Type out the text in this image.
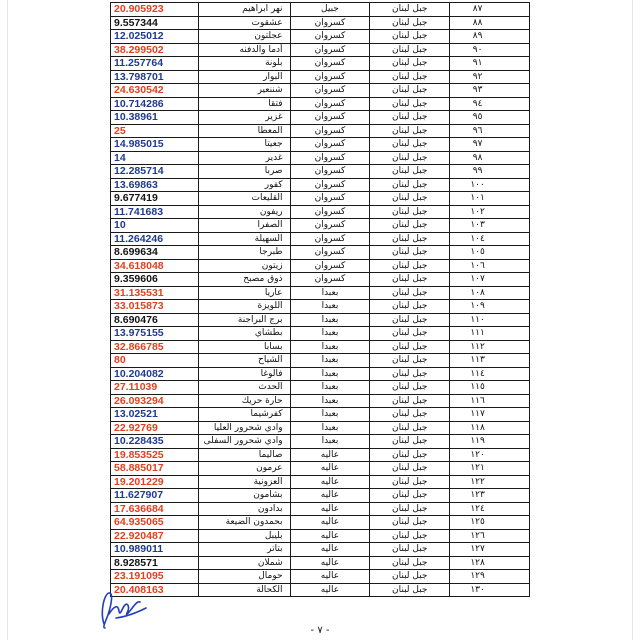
20.905923	نهر ابراهيم	جبيل	جبل لبنان	٨٧
9.557344	عشقوت	كسروان	جبل لبنان	٨٨
12.025012	عجلتون	كسروان	جبل لبنان	٨٩
38.299502	أدما والدفنه	كسروان	جبل لبنان	٩٠
11.257764	بلونة	كسروان	جبل لبنان	٩١
13.798701	البوار	كسروان	جبل لبنان	٩٢
24.630542	شننعير	كسروان	جبل لبنان	٩٣
10.714286	فتقا	كسروان	جبل لبنان	٩٤
10.38961	غزير	كسروان	جبل لبنان	٩٥
25	المعطا	كسروان	جبل لبنان	٩٦
14.985015	جعيتا	كسروان	جبل لبنان	٩٧
14	غدير	كسروان	جبل لبنان	٩٨
12.285714	صربا	كسروان	جبل لبنان	٩٩
13.69863	كفور	كسروان	جبل لبنان	١٠٠
9.677419	القليعات	كسروان	جبل لبنان	١٠١
11.741683	ريفون	كسروان	جبل لبنان	١٠٢
10	الصفرا	كسروان	جبل لبنان	١٠٣
11.264246	السهيلة	كسروان	جبل لبنان	١٠٤
8.699634	طبرجا	كسروان	جبل لبنان	١٠٥
34.618048	زيتون	كسروان	جبل لبنان	١٠٦
9.359606	ذوق مصبح	كسروان	جبل لبنان	١٠٧
31.135531	عاريا	بعبدا	جبل لبنان	١٠٨
33.015873	اللويزة	بعبدا	جبل لبنان	١٠٩
8.690476	برج البراجنة	بعبدا	جبل لبنان	١١٠
13.975155	بطشاي	بعبدا	جبل لبنان	١١١
32.866785	بسابا	بعبدا	جبل لبنان	١١٢
80	الشياح	بعبدا	جبل لبنان	١١٣
10.204082	فالوغا	بعبدا	جبل لبنان	١١٤
27.11039	الحدث	بعبدا	جبل لبنان	١١٥
26.093294	حارة حريك	بعبدا	جبل لبنان	١١٦
13.02521	كفرشيما	بعبدا	جبل لبنان	١١٧
22.92769	وادي شحرور العليا	بعبدا	جبل لبنان	١١٨
10.228435	وادي شحرور السفلى	بعبدا	جبل لبنان	١١٩
19.853525	صاليما	عاليه	جبل لبنان	١٢٠
58.885017	عرمون	عاليه	جبل لبنان	١٢١
19.201229	العزونية	عاليه	جبل لبنان	١٢٢
11.627907	بشامون	عاليه	جبل لبنان	١٢٣
17.636684	بدادون	عاليه	جبل لبنان	١٢٤
64.935065	بحمدون الضيعة	عاليه	جبل لبنان	١٢٥
22.920487	بليبل	عاليه	جبل لبنان	١٢٦
10.989011	بتاتر	عاليه	جبل لبنان	١٢٧
8.928571	شملان	عاليه	جبل لبنان	١٢٨
23.191095	حومال	عاليه	جبل لبنان	١٢٩
20.408163	الكحالة	عاليه	جبل لبنان	١٣٠
- ٧ -
